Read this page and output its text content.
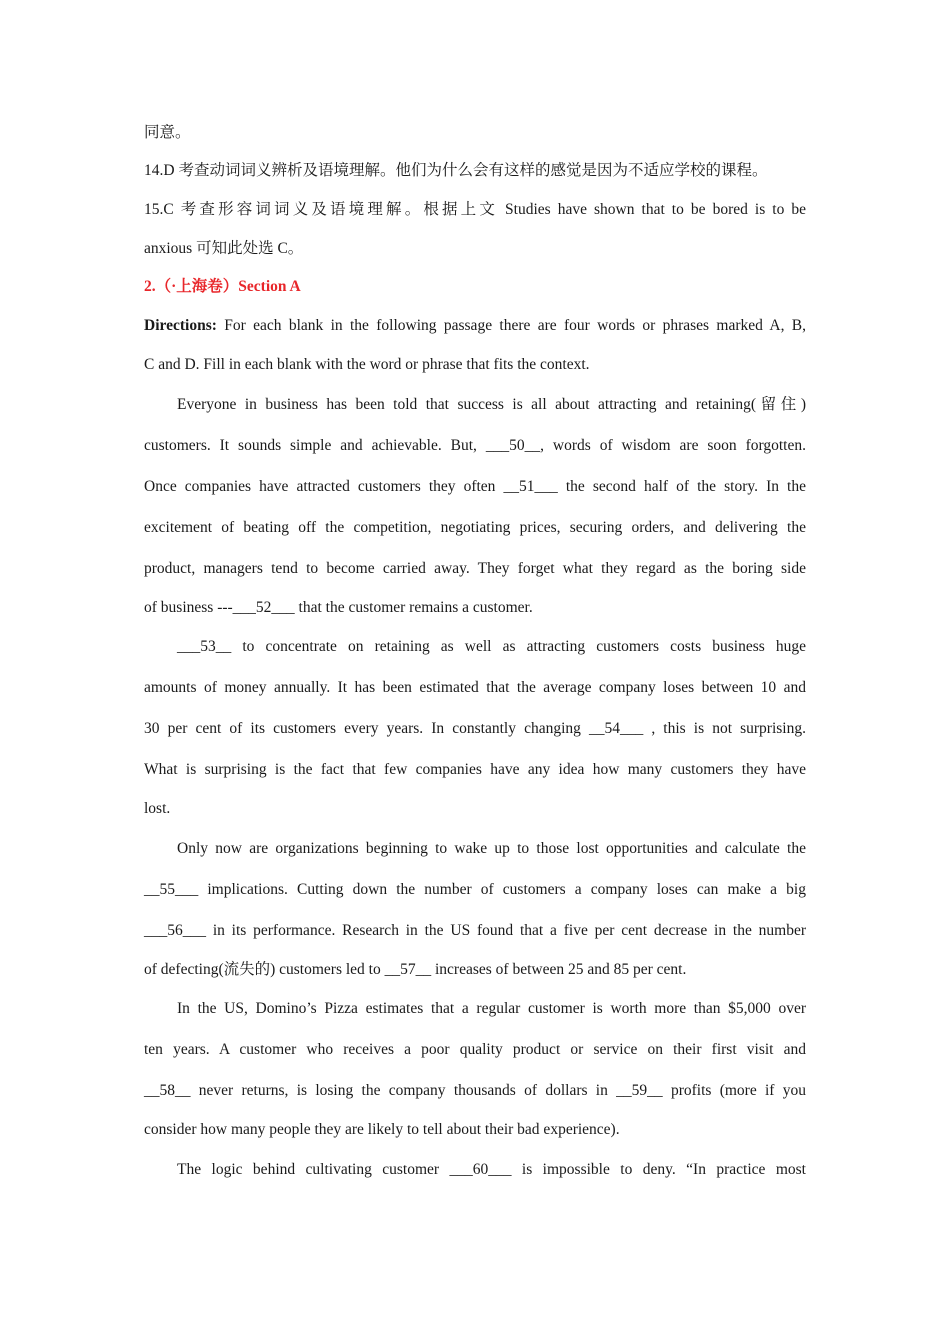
同意。

14.D 考查动词词义辨析及语境理解。他们为什么会有这样的感觉是因为不适应学校的课程。

15.C 考查形容词词义及语境理解。根据上文 Studies have shown that to be bored is to be

anxious 可知此处选 C。

2.（·上海卷）Section A

Directions: For each blank in the following passage there are four words or phrases marked A, B,

C and D. Fill in each blank with the word or phrase that fits the context.

Everyone in business has been told that success is all about attracting and retaining(留住)

customers. It sounds simple and achievable. But, ___50__, words of wisdom are soon forgotten.

Once companies have attracted customers they often __51___ the second half of the story. In the

excitement of beating off the competition, negotiating prices, securing orders, and delivering the

product, managers tend to become carried away. They forget what they regard as the boring side

of business ---___52___ that the customer remains a customer.

___53__ to concentrate on retaining as well as attracting customers costs business huge

amounts of money annually. It has been estimated that the average company loses between 10 and

30 per cent of its customers every years. In constantly changing __54___ , this is not surprising.

What is surprising is the fact that few companies have any idea how many customers they have

lost.

Only now are organizations beginning to wake up to those lost opportunities and calculate the

__55___ implications. Cutting down the number of customers a company loses can make a big

___56___ in its performance. Research in the US found that a five per cent decrease in the number

of defecting(流失的) customers led to __57__ increases of between 25 and 85 per cent.

In the US, Domino’s Pizza estimates that a regular customer is worth more than $5,000 over

ten years. A customer who receives a poor quality product or service on their first visit and

__58__ never returns, is losing the company thousands of dollars in __59__ profits (more if you

consider how many people they are likely to tell about their bad experience).

The logic behind cultivating customer ___60___ is impossible to deny. “In practice most
